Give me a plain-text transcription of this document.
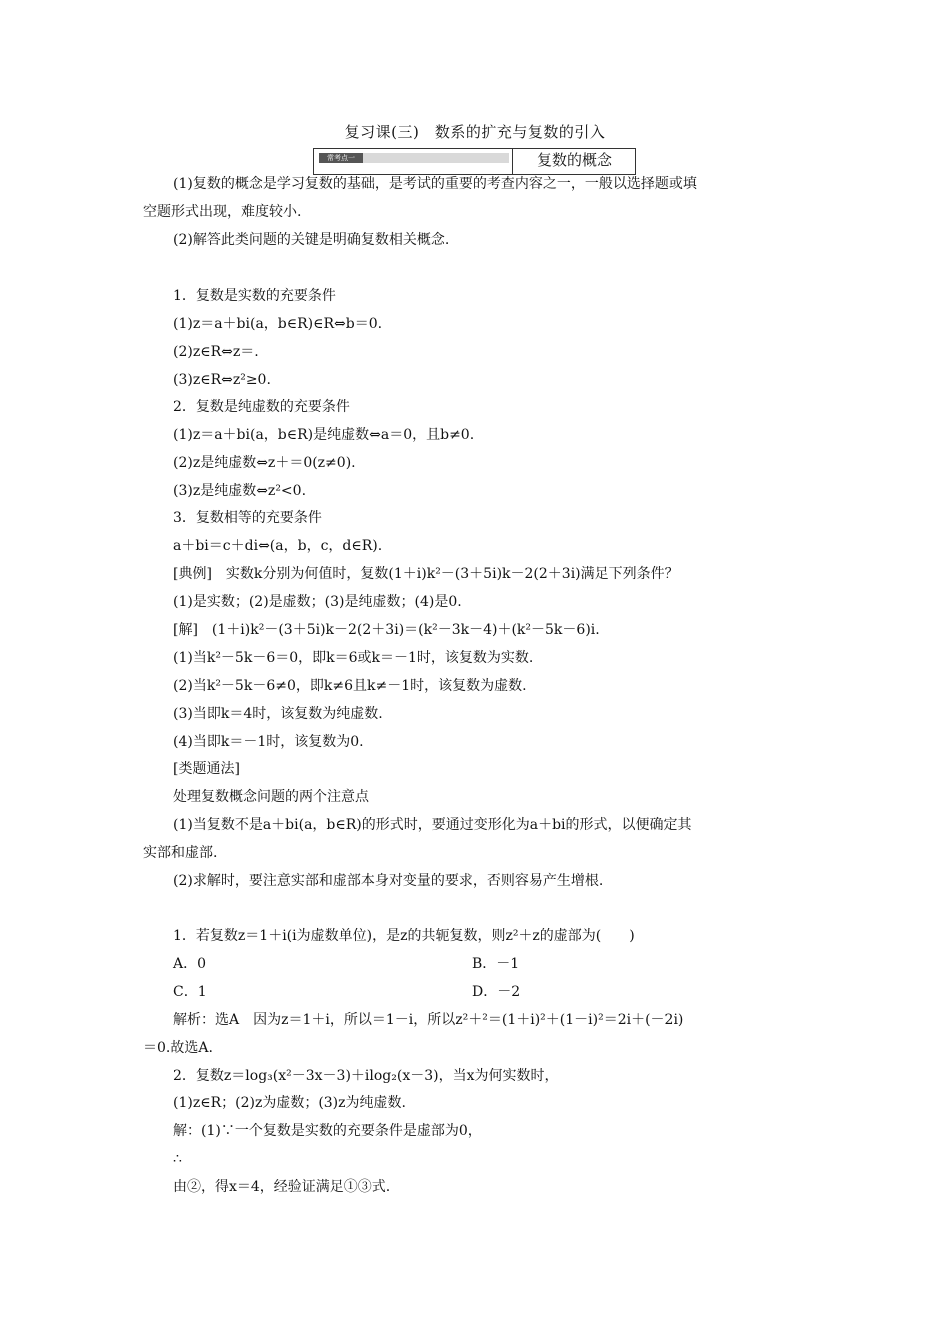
复习课(三)　数系的扩充与复数的引入
常考点一	复数的概念
(1)复数的概念是学习复数的基础，是考试的重要的考查内容之一，一般以选择题或填
空题形式出现，难度较小.
(2)解答此类问题的关键是明确复数相关概念.
1．复数是实数的充要条件
(1)z＝a＋bi(a，b∈R)∈R⇔b＝0.
(2)z∈R⇔z＝.
(3)z∈R⇔z²≥0.
2．复数是纯虚数的充要条件
(1)z＝a＋bi(a，b∈R)是纯虚数⇔a＝0，且b≠0.
(2)z是纯虚数⇔z＋＝0(z≠0).
(3)z是纯虚数⇔z²<0.
3．复数相等的充要条件
a＋bi＝c＋di⇔(a，b，c，d∈R).
[典例]　实数k分别为何值时，复数(1＋i)k²－(3＋5i)k－2(2＋3i)满足下列条件？
(1)是实数；(2)是虚数；(3)是纯虚数；(4)是0.
[解]　(1＋i)k²－(3＋5i)k－2(2＋3i)＝(k²－3k－4)＋(k²－5k－6)i.
(1)当k²－5k－6＝0，即k＝6或k＝－1时，该复数为实数.
(2)当k²－5k－6≠0，即k≠6且k≠－1时，该复数为虚数.
(3)当即k＝4时，该复数为纯虚数.
(4)当即k＝－1时，该复数为0.
[类题通法]
处理复数概念问题的两个注意点
(1)当复数不是a＋bi(a，b∈R)的形式时，要通过变形化为a＋bi的形式，以便确定其
实部和虚部.
(2)求解时，要注意实部和虚部本身对变量的要求，否则容易产生增根.
1．若复数z＝1＋i(i为虚数单位)，是z的共轭复数，则z²＋z的虚部为(　　)
A．0	B．－1
C．1	D．－2
解析：选A　因为z＝1＋i，所以＝1－i，所以z²＋²＝(1＋i)²＋(1－i)²＝2i＋(－2i)
＝0.故选A.
2．复数z＝log₃(x²－3x－3)＋ilog₂(x－3)，当x为何实数时，
(1)z∈R；(2)z为虚数；(3)z为纯虚数.
解：(1)∵一个复数是实数的充要条件是虚部为0，
∴
由②，得x＝4，经验证满足①③式.
